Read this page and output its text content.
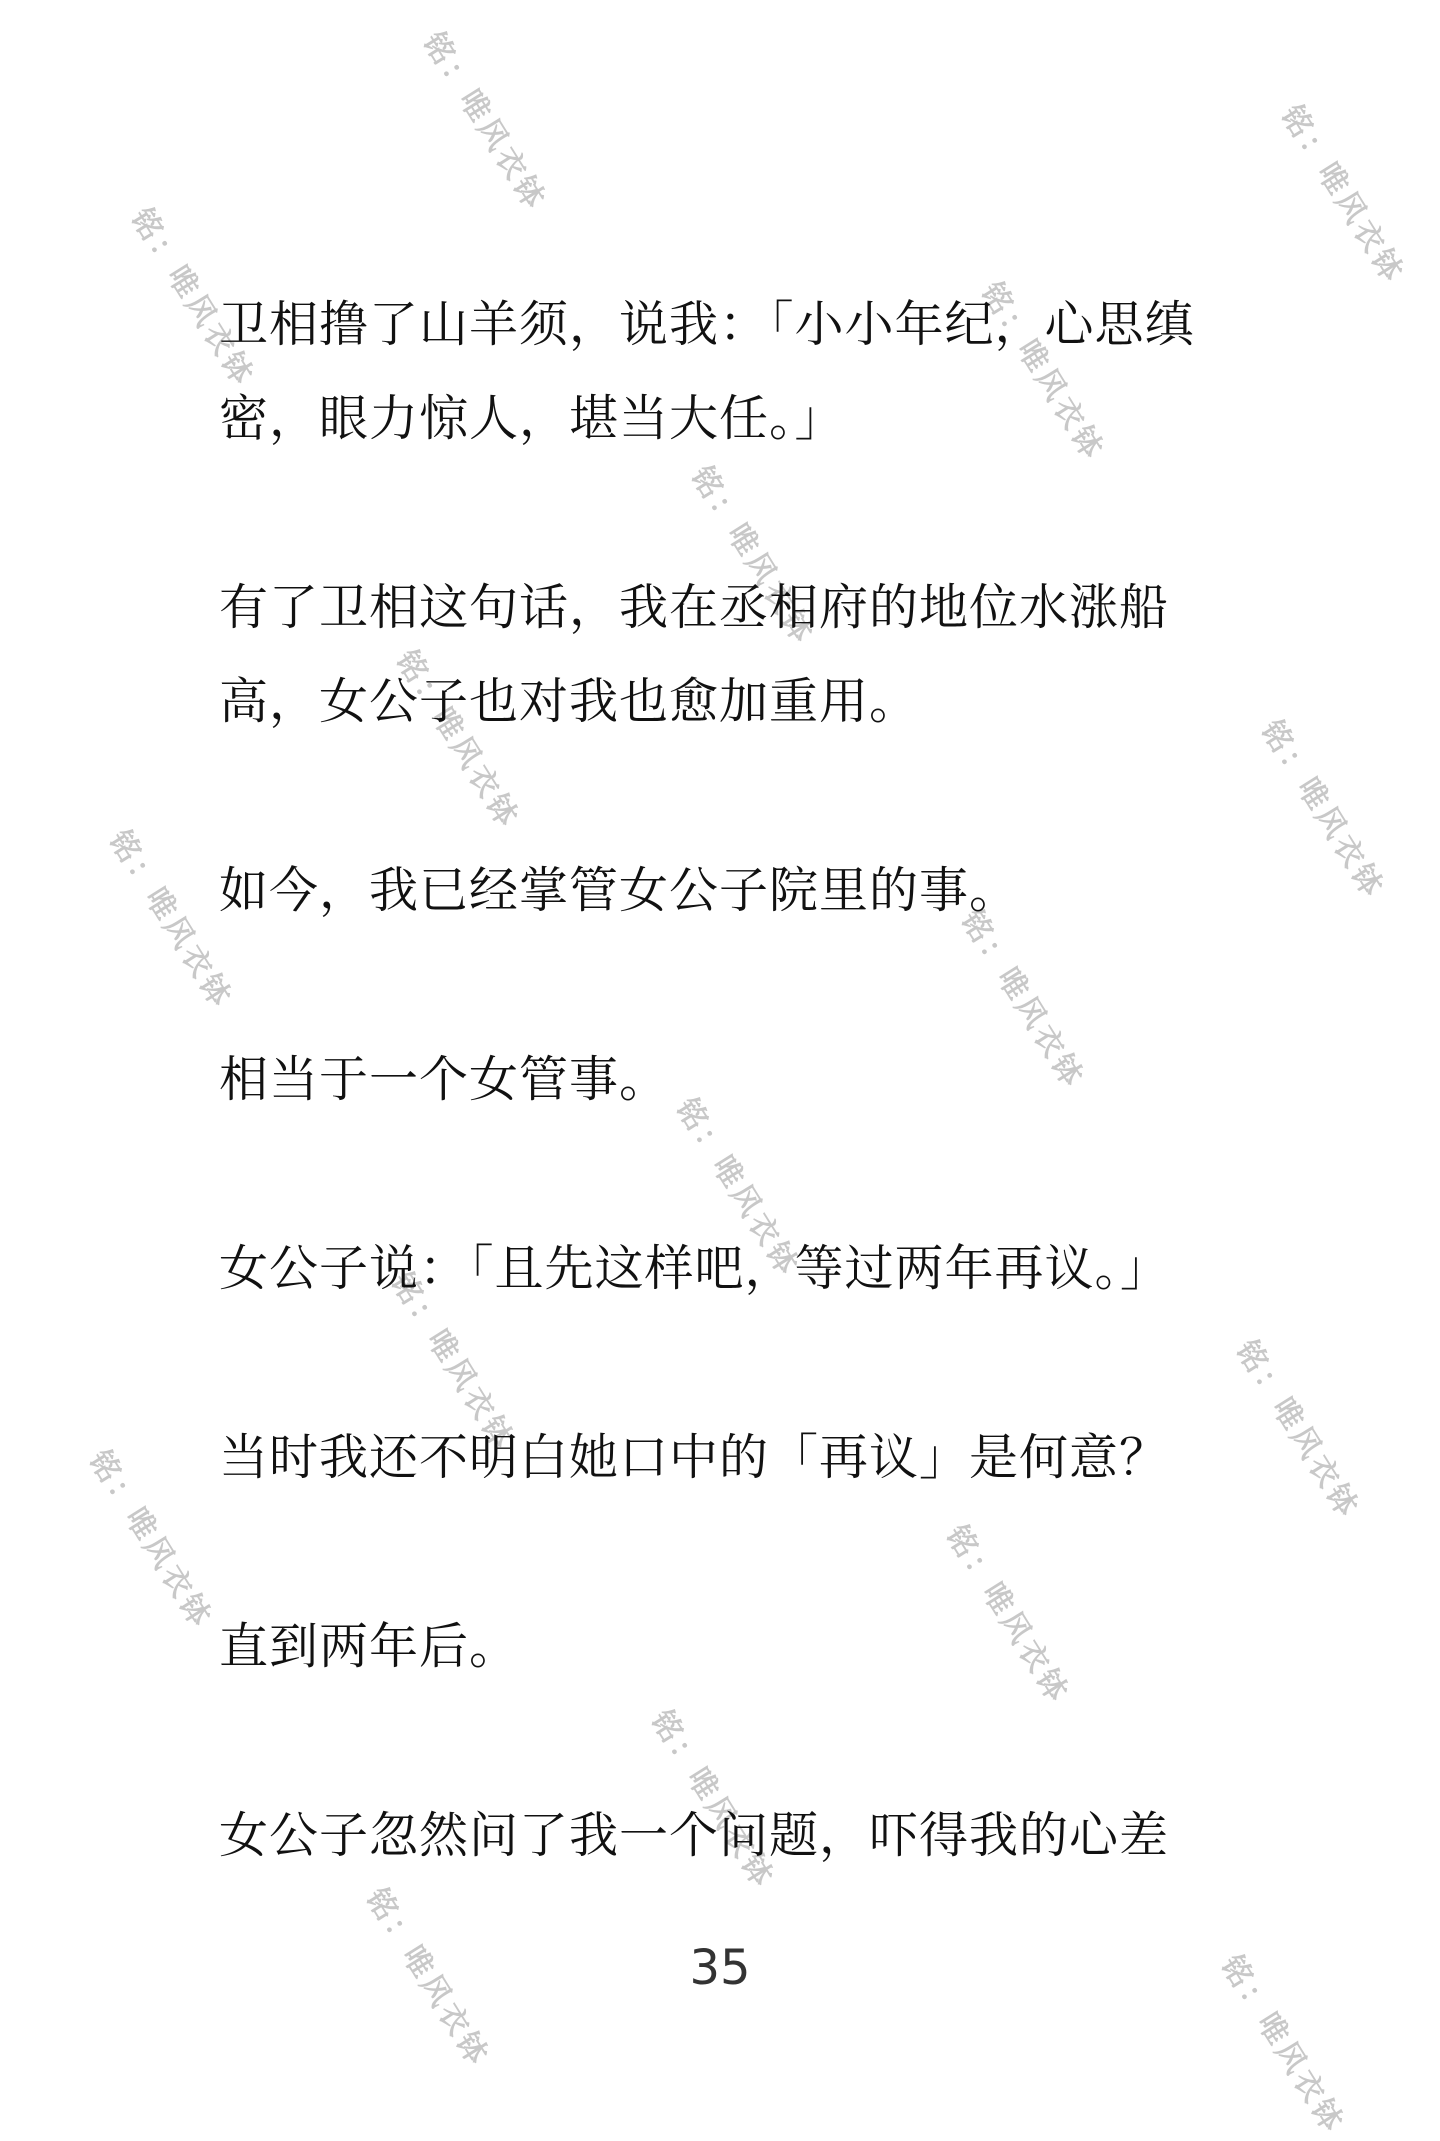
铭：唯风衣钵	铭：唯风衣钵
铭：唯风衣钵	铭：唯风衣钵
铭：唯风衣钵
铭：唯风衣钵	铭：唯风衣钵
铭：唯风衣钵	铭：唯风衣钵
铭：唯风衣钵
铭：唯风衣钵	铭：唯风衣钵
铭：唯风衣钵	铭：唯风衣钵
铭：唯风衣钵
铭：唯风衣钵	铭：唯风衣钵

卫相撸了山羊须，说我：「小小年纪，心思缜密，眼力惊人，堪当大任。」

有了卫相这句话，我在丞相府的地位水涨船高，女公子也对我也愈加重用。

如今，我已经掌管女公子院里的事。

相当于一个女管事。

女公子说：「且先这样吧，等过两年再议。」

当时我还不明白她口中的「再议」是何意？

直到两年后。

女公子忽然问了我一个问题，吓得我的心差

35
